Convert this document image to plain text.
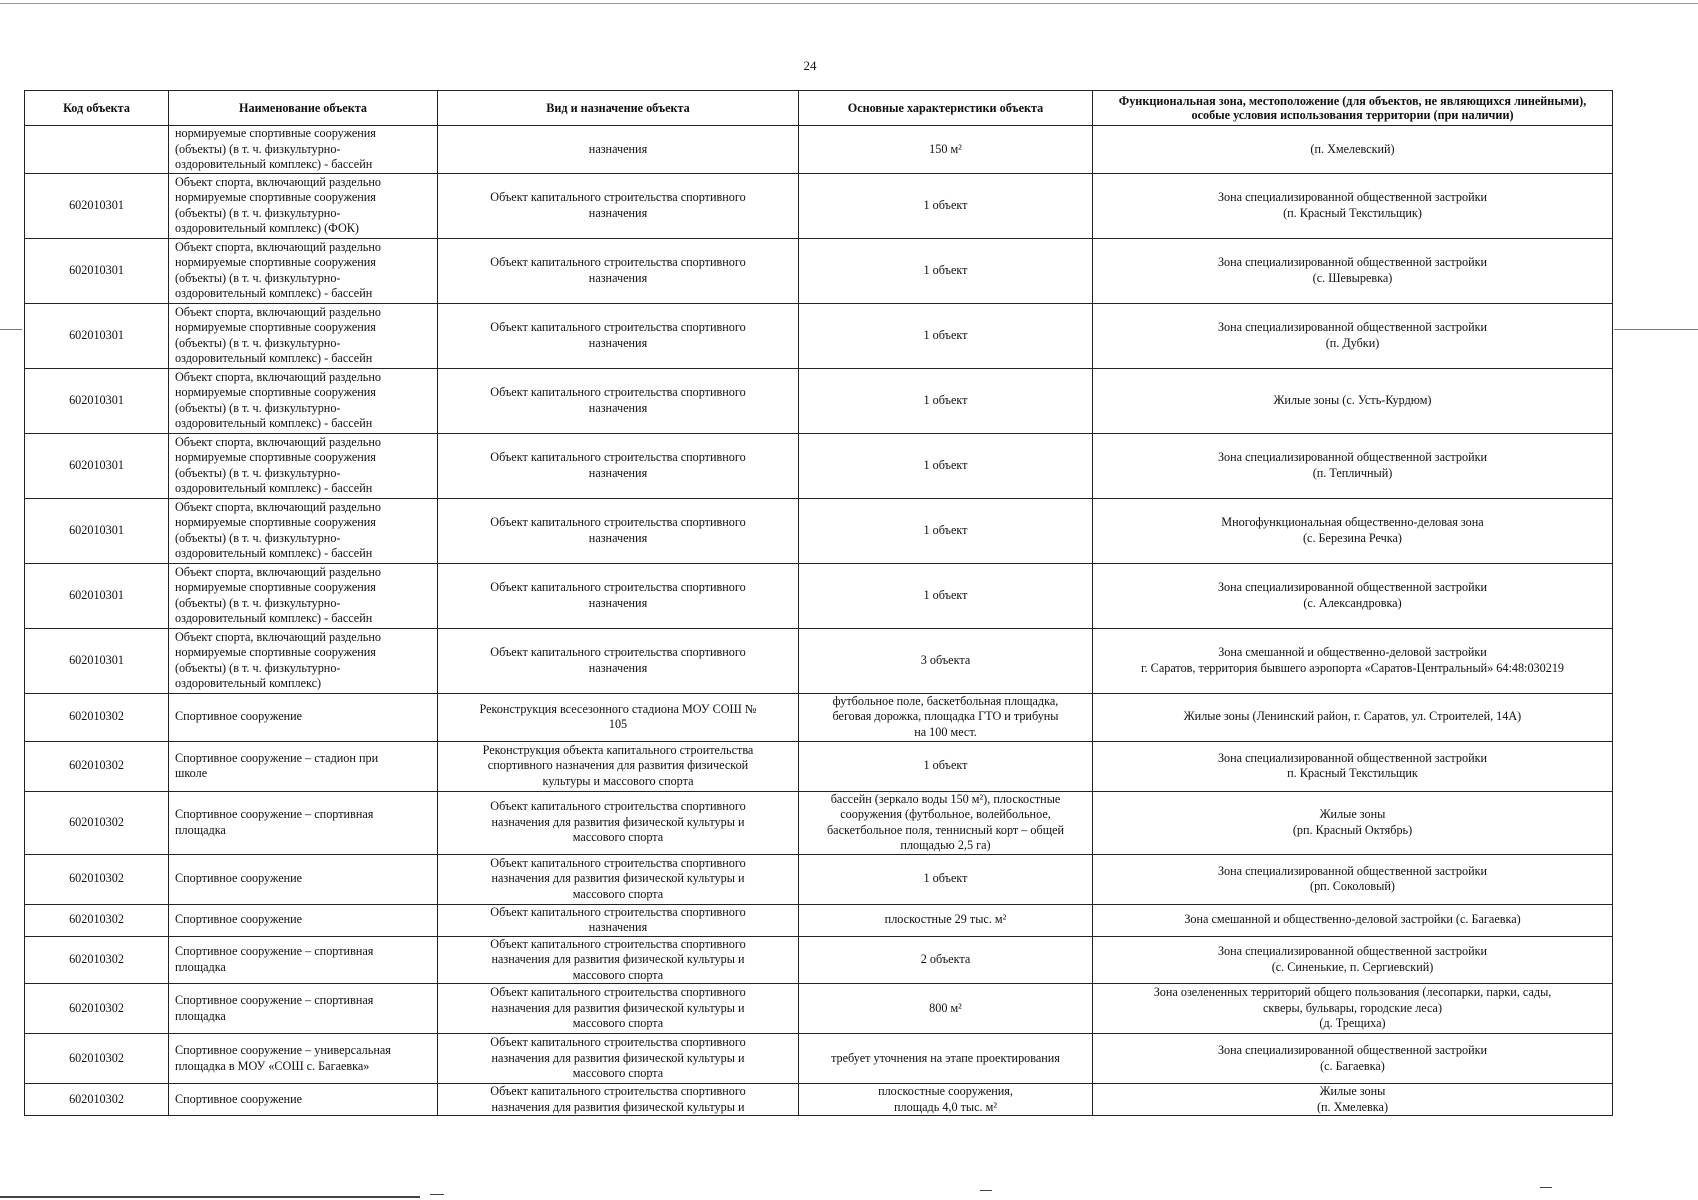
24
Код объекта	Наименование объекта	Вид и назначение объекта	Основные характеристики объекта	Функциональная зона, местоположение (для объектов, не являющихся линейными), особые условия использования территории (при наличии)

	нормируемые спортивные сооружения
(объекты) (в т. ч. физкультурно-
оздоровительный комплекс) - бассейн	назначения	150 м²	(п. Хмелевский)

602010301	Объект спорта, включающий раздельно
нормируемые спортивные сооружения
(объекты) (в т. ч. физкультурно-
оздоровительный комплекс) (ФОК)	Объект капитального строительства спортивного
назначения	1 объект	Зона специализированной общественной застройки
(п. Красный Текстильщик)

602010301	Объект спорта, включающий раздельно
нормируемые спортивные сооружения
(объекты) (в т. ч. физкультурно-
оздоровительный комплекс) - бассейн	Объект капитального строительства спортивного
назначения	1 объект	Зона специализированной общественной застройки
(с. Шевыревка)

602010301	Объект спорта, включающий раздельно
нормируемые спортивные сооружения
(объекты) (в т. ч. физкультурно-
оздоровительный комплекс) - бассейн	Объект капитального строительства спортивного
назначения	1 объект	Зона специализированной общественной застройки
(п. Дубки)

602010301	Объект спорта, включающий раздельно
нормируемые спортивные сооружения
(объекты) (в т. ч. физкультурно-
оздоровительный комплекс) - бассейн	Объект капитального строительства спортивного
назначения	1 объект	Жилые зоны (с. Усть-Курдюм)

602010301	Объект спорта, включающий раздельно
нормируемые спортивные сооружения
(объекты) (в т. ч. физкультурно-
оздоровительный комплекс) - бассейн	Объект капитального строительства спортивного
назначения	1 объект	Зона специализированной общественной застройки
(п. Тепличный)

602010301	Объект спорта, включающий раздельно
нормируемые спортивные сооружения
(объекты) (в т. ч. физкультурно-
оздоровительный комплекс) - бассейн	Объект капитального строительства спортивного
назначения	1 объект	Многофункциональная общественно-деловая зона
(с. Березина Речка)

602010301	Объект спорта, включающий раздельно
нормируемые спортивные сооружения
(объекты) (в т. ч. физкультурно-
оздоровительный комплекс) - бассейн	Объект капитального строительства спортивного
назначения	1 объект	Зона специализированной общественной застройки
(с. Александровка)

602010301	Объект спорта, включающий раздельно
нормируемые спортивные сооружения
(объекты) (в т. ч. физкультурно-
оздоровительный комплекс)	Объект капитального строительства спортивного
назначения	3 объекта	Зона смешанной и общественно-деловой застройки
г. Саратов, территория бывшего аэропорта «Саратов-Центральный» 64:48:030219

602010302	Спортивное сооружение	Реконструкция всесезонного стадиона МОУ СОШ №
105	футбольное поле, баскетбольная площадка,
беговая дорожка, площадка ГТО и трибуны
на 100 мест.	Жилые зоны (Ленинский район, г. Саратов, ул. Строителей, 14А)

602010302	Спортивное сооружение – стадион при
школе	Реконструкция объекта капитального строительства
спортивного назначения для развития физической
культуры и массового спорта	1 объект	Зона специализированной общественной застройки
п. Красный Текстильщик

602010302	Спортивное сооружение – спортивная
площадка	Объект капитального строительства спортивного
назначения для развития физической культуры и
массового спорта	бассейн (зеркало воды 150 м²), плоскостные
сооружения (футбольное, волейбольное,
баскетбольное поля, теннисный корт – общей
площадью 2,5 га)	Жилые зоны
(рп. Красный Октябрь)

602010302	Спортивное сооружение	Объект капитального строительства спортивного
назначения для развития физической культуры и
массового спорта	1 объект	Зона специализированной общественной застройки
(рп. Соколовый)

602010302	Спортивное сооружение	Объект капитального строительства спортивного
назначения	плоскостные 29 тыс. м²	Зона смешанной и общественно-деловой застройки (с. Багаевка)

602010302	Спортивное сооружение – спортивная
площадка	Объект капитального строительства спортивного
назначения для развития физической культуры и
массового спорта	2 объекта	Зона специализированной общественной застройки
(с. Синенькие, п. Сергиевский)

602010302	Спортивное сооружение – спортивная
площадка	Объект капитального строительства спортивного
назначения для развития физической культуры и
массового спорта	800 м²	Зона озелененных территорий общего пользования (лесопарки, парки, сады,
скверы, бульвары, городские леса)
(д. Трещиха)

602010302	Спортивное сооружение – универсальная
площадка в МОУ «СОШ с. Багаевка»	Объект капитального строительства спортивного
назначения для развития физической культуры и
массового спорта	требует уточнения на этапе проектирования	Зона специализированной общественной застройки
(с. Багаевка)

602010302	Спортивное сооружение	Объект капитального строительства спортивного
назначения для развития физической культуры и	плоскостные сооружения,
площадь 4,0 тыс. м²	Жилые зоны
(п. Хмелевка)
